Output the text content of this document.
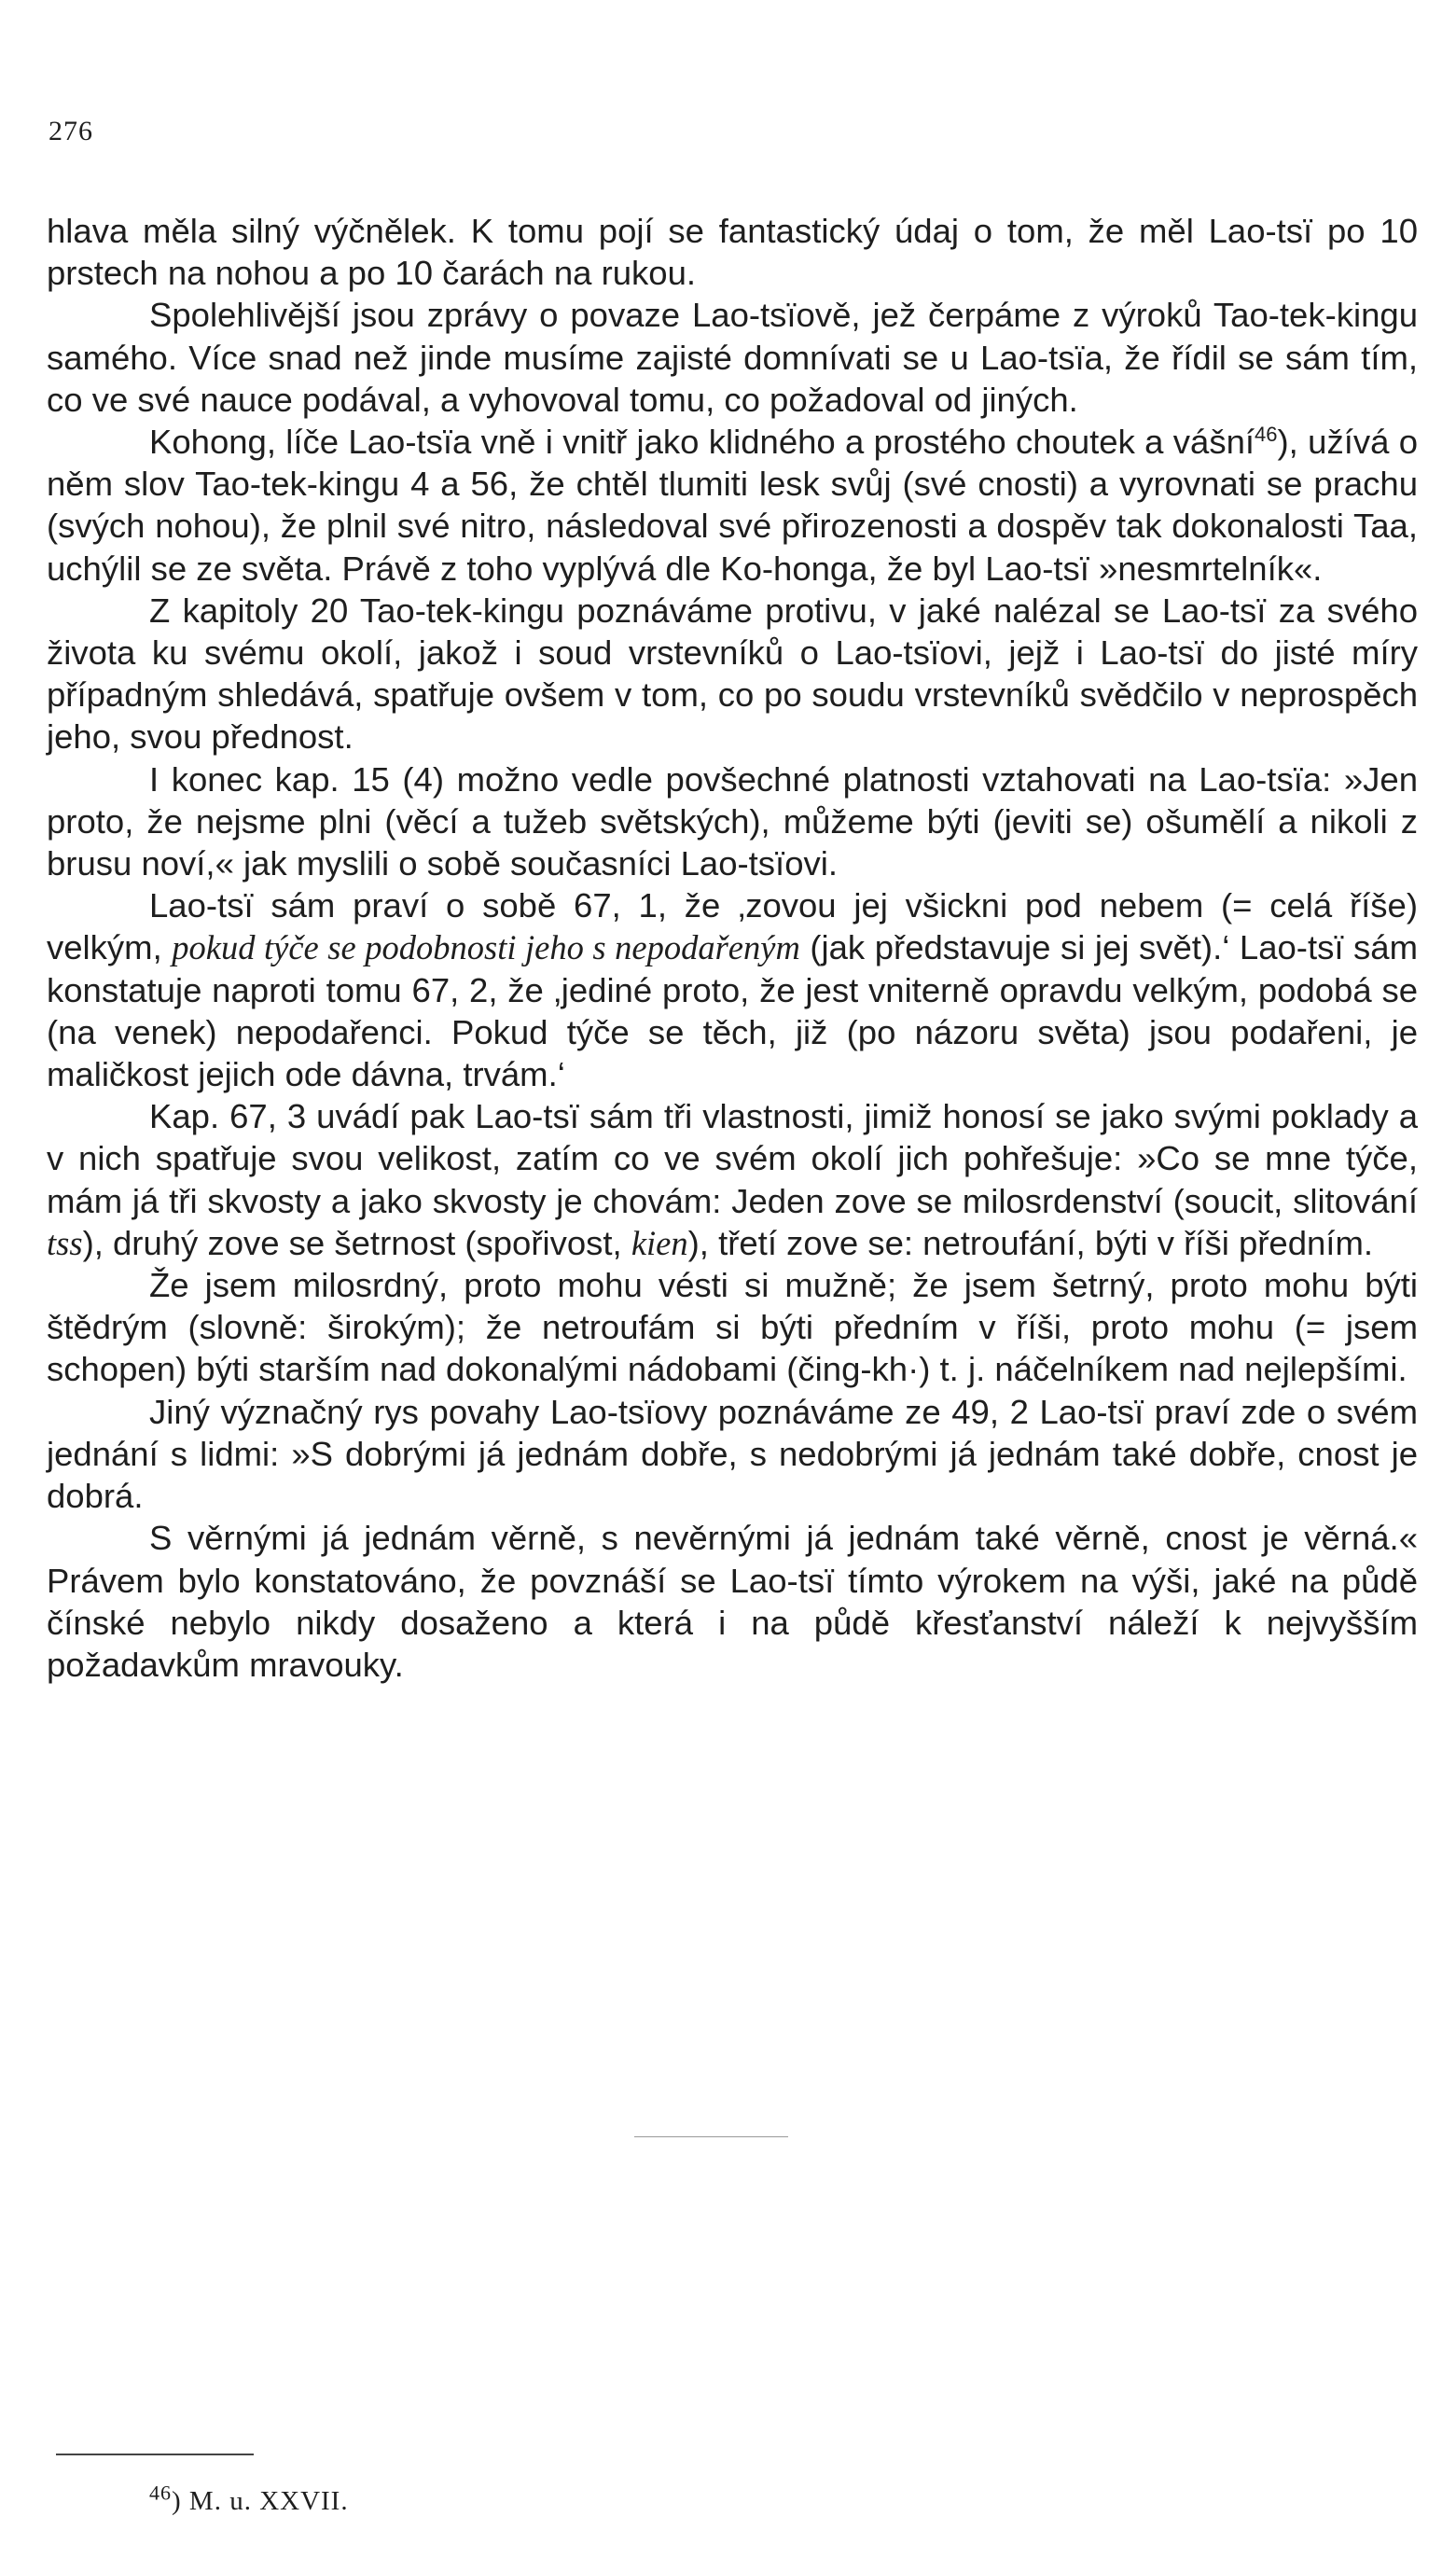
276

hlava měla silný výčnělek. K tomu pojí se fantastický údaj o tom, že měl Lao-tsï po 10 prstech na nohou a po 10 čarách na rukou.

Spolehlivější jsou zprávy o povaze Lao-tsïově, jež čerpáme z výroků Tao-tek-kingu samého. Více snad než jinde musíme zajisté domnívati se u Lao-tsïa, že řídil se sám tím, co ve své nauce podával, a vyhovoval tomu, co požadoval od jiných.

Kohong, líče Lao-tsïa vně i vnitř jako klidného a prostého choutek a vášní$^{46}$), užívá o něm slov Tao-tek-kingu 4 a 56, že chtěl tlumiti lesk svůj (své cnosti) a vyrovnati se prachu (svých nohou), že plnil své nitro, následoval své přirozenosti a dospěv tak dokonalosti Taa, uchýlil se ze světa. Právě z toho vyplývá dle Ko-honga, že byl Lao-tsï »nesmrtelník«.

Z kapitoly 20 Tao-tek-kingu poznáváme protivu, v jaké nalézal se Lao-tsï za svého života ku svému okolí, jakož i soud vrstevníků o Lao-tsïovi, jejž i Lao-tsï do jisté míry případným shledává, spatřuje ovšem v tom, co po soudu vrstevníků svědčilo v neprospěch jeho, svou přednost.

I konec kap. 15 (4) možno vedle povšechné platnosti vztahovati na Lao-tsïa: »Jen proto, že nejsme plni (věcí a tužeb světských), můžeme býti (jeviti se) ošumělí a nikoli z brusu noví,« jak myslili o sobě současníci Lao-tsïovi.

Lao-tsï sám praví o sobě 67, 1, že ‚zovou jej všickni pod nebem (= celá říše) velkým, pokud týče se podobnosti jeho s nepodařeným (jak představuje si jej svět).‘ Lao-tsï sám konstatuje naproti tomu 67, 2, že ‚jediné proto, že jest vniterně opravdu velkým, podobá se (na venek) nepodařenci. Pokud týče se těch, již (po názoru světa) jsou podařeni, je maličkost jejich ode dávna, trvám.‘

Kap. 67, 3 uvádí pak Lao-tsï sám tři vlastnosti, jimiž honosí se jako svými poklady a v nich spatřuje svou velikost, zatím co ve svém okolí jich pohřešuje: »Co se mne týče, mám já tři skvosty a jako skvosty je chovám: Jeden zove se milosrdenství (soucit, slitování tss), druhý zove se šetrnost (spořivost, kien), třetí zove se: netroufání, býti v říši předním.

Že jsem milosrdný, proto mohu vésti si mužně; že jsem šetrný, proto mohu býti štědrým (slovně: širokým); že netroufám si býti předním v říši, proto mohu (= jsem schopen) býti starším nad dokonalými nádobami (čing-kh·) t. j. náčelníkem nad nejlepšími.

Jiný význačný rys povahy Lao-tsïovy poznáváme ze 49, 2 Lao-tsï praví zde o svém jednání s lidmi: »S dobrými já jednám dobře, s nedobrými já jednám také dobře, cnost je dobrá.

S věrnými já jednám věrně, s nevěrnými já jednám také věrně, cnost je věrná.« Právem bylo konstatováno, že povznáší se Lao-tsï tímto výrokem na výši, jaké na půdě čínské nebylo nikdy dosaženo a která i na půdě křesťanství náleží k nejvyšším požadavkům mravouky.

$^{46}$) M. u. XXVII.
